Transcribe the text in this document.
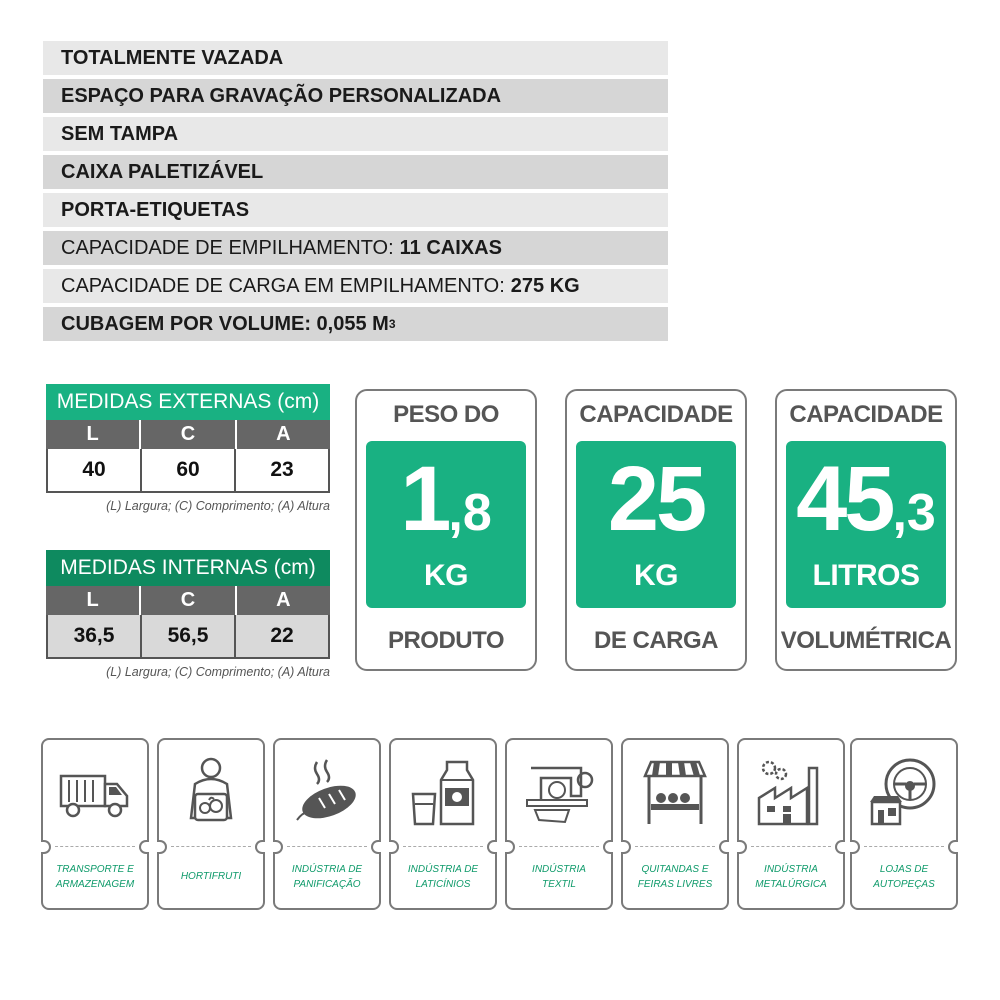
TOTALMENTE VAZADA
ESPAÇO PARA GRAVAÇÃO PERSONALIZADA
SEM TAMPA
CAIXA PALETIZÁVEL
PORTA-ETIQUETAS
CAPACIDADE DE EMPILHAMENTO: 11 CAIXAS
CAPACIDADE DE CARGA EM EMPILHAMENTO: 275 KG
CUBAGEM POR VOLUME: 0,055 M 3
MEDIDAS EXTERNAS (cm)
L	C	A
40	60	23
(L) Largura; (C) Comprimento; (A) Altura
MEDIDAS INTERNAS (cm)
L	C	A
36,5	56,5	22
(L) Largura; (C) Comprimento; (A) Altura
PESO DO
1,8
KG
PRODUTO
CAPACIDADE
25
KG
DE CARGA
CAPACIDADE
45,3
LITROS
VOLUMÉTRICA
TRANSPORTE E
ARMAZENAGEM
HORTIFRUTI

INDÚSTRIA DE
PANIFICAÇÃO
INDÚSTRIA DE
LATICÍNIOS
INDÚSTRIA
TEXTIL
QUITANDAS E
FEIRAS LIVRES
INDÚSTRIA
METALÚRGICA
LOJAS DE
AUTOPEÇAS
